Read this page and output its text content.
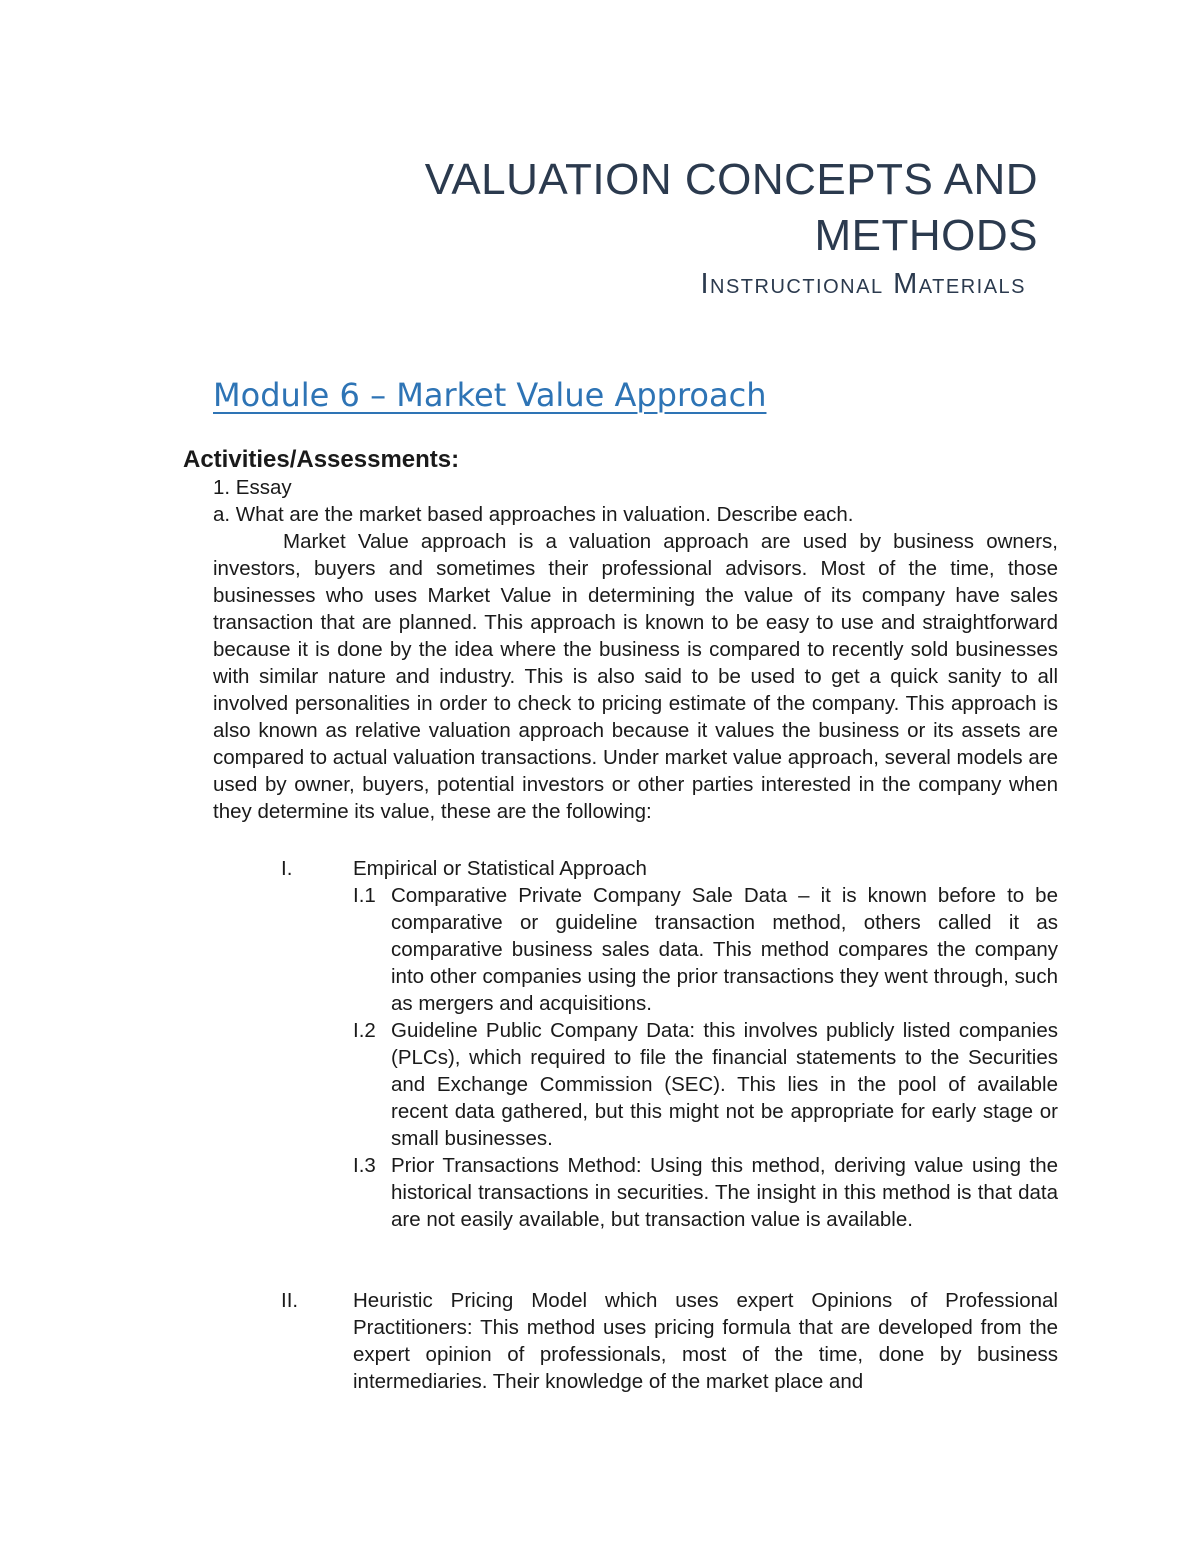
VALUATION CONCEPTS AND
METHODS
Instructional Materials
Module 6 – Market Value Approach
Activities/Assessments:
1. Essay
a. What are the market based approaches in valuation. Describe each.
Market Value approach is a valuation approach are used by business owners, investors, buyers and sometimes their professional advisors. Most of the time, those businesses who uses Market Value in determining the value of its company have sales transaction that are planned. This approach is known to be easy to use and straightforward because it is done by the idea where the business is compared to recently sold businesses with similar nature and industry. This is also said to be used to get a quick sanity to all involved personalities in order to check to pricing estimate of the company. This approach is also known as relative valuation approach because it values the business or its assets are compared to actual valuation transactions. Under market value approach, several models are used by owner, buyers, potential investors or other parties interested in the company when they determine its value, these are the following:
I.	Empirical or Statistical Approach
I.1 Comparative Private Company Sale Data – it is known before to be comparative or guideline transaction method, others called it as comparative business sales data. This method compares the company into other companies using the prior transactions they went through, such as mergers and acquisitions.
I.2 Guideline Public Company Data: this involves publicly listed companies (PLCs), which required to file the financial statements to the Securities and Exchange Commission (SEC). This lies in the pool of available recent data gathered, but this might not be appropriate for early stage or small businesses.
I.3 Prior Transactions Method: Using this method, deriving value using the historical transactions in securities. The insight in this method is that data are not easily available, but transaction value is available.
II.	Heuristic Pricing Model which uses expert Opinions of Professional Practitioners: This method uses pricing formula that are developed from the expert opinion of professionals, most of the time, done by business intermediaries. Their knowledge of the market place and
